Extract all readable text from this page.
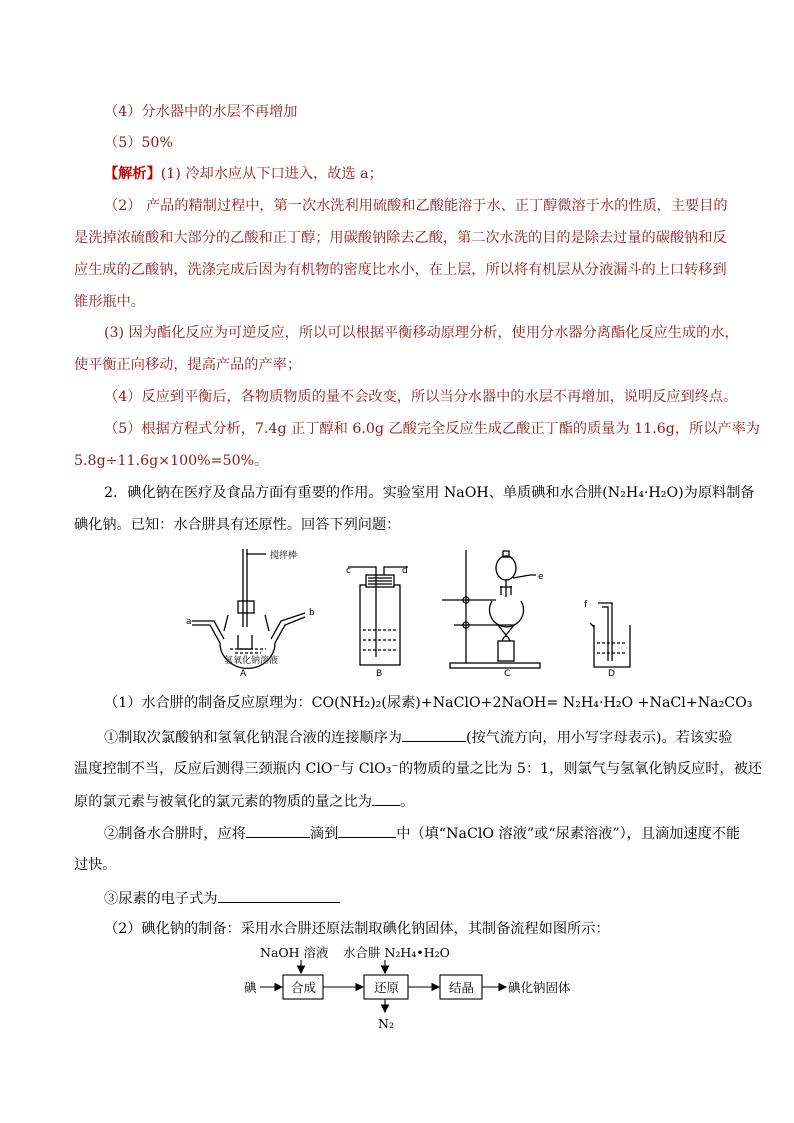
（4）分水器中的水层不再增加
（5）50%
【解析】(1) 冷却水应从下口进入，故选 a；
（2） 产品的精制过程中，第一次水洗利用硫酸和乙酸能溶于水、正丁醇微溶于水的性质，主要目的
是洗掉浓硫酸和大部分的乙酸和正丁醇；用碳酸钠除去乙酸，第二次水洗的目的是除去过量的碳酸钠和反
应生成的乙酸钠，洗涤完成后因为有机物的密度比水小，在上层，所以将有机层从分液漏斗的上口转移到
锥形瓶中。
(3) 因为酯化反应为可逆反应，所以可以根据平衡移动原理分析，使用分水器分离酯化反应生成的水，
使平衡正向移动，提高产品的产率；
（4）反应到平衡后，各物质物质的量不会改变，所以当分水器中的水层不再增加，说明反应到终点。
（5）根据方程式分析，7.4g 正丁醇和 6.0g 乙酸完全反应生成乙酸正丁酯的质量为 11.6g，所以产率为
5.8g÷11.6g×100%=50%。
2．碘化钠在医疗及食品方面有重要的作用。实验室用 NaOH、单质碘和水合肼(N₂H₄·H₂O)为原料制备
碘化钠。已知：水合肼具有还原性。回答下列问题：
搅拌棒
a
b
氢氧化钠溶液
A
c	d
B
e
C
f
D
（1）水合肼的制备反应原理为：CO(NH₂)₂(尿素)+NaClO+2NaOH= N₂H₄·H₂O +NaCl+Na₂CO₃
①制取次氯酸钠和氢氧化钠混合液的连接顺序为	(按气流方向，用小写字母表示)。若该实验
温度控制不当，反应后测得三颈瓶内 ClO⁻与 ClO₃⁻的物质的量之比为 5：1，则氯气与氢氧化钠反应时，被还
原的氯元素与被氧化的氯元素的物质的量之比为 。
②制备水合肼时，应将	滴到	中（填“NaClO 溶液”或“尿素溶液”），且滴加速度不能
过快。
③尿素的电子式为
（2）碘化钠的制备：采用水合肼还原法制取碘化钠固体，其制备流程如图所示：
NaOH 溶液 水合肼 N₂H₄•H₂O
碘	合成	还原	结晶	碘化钠固体
N₂
